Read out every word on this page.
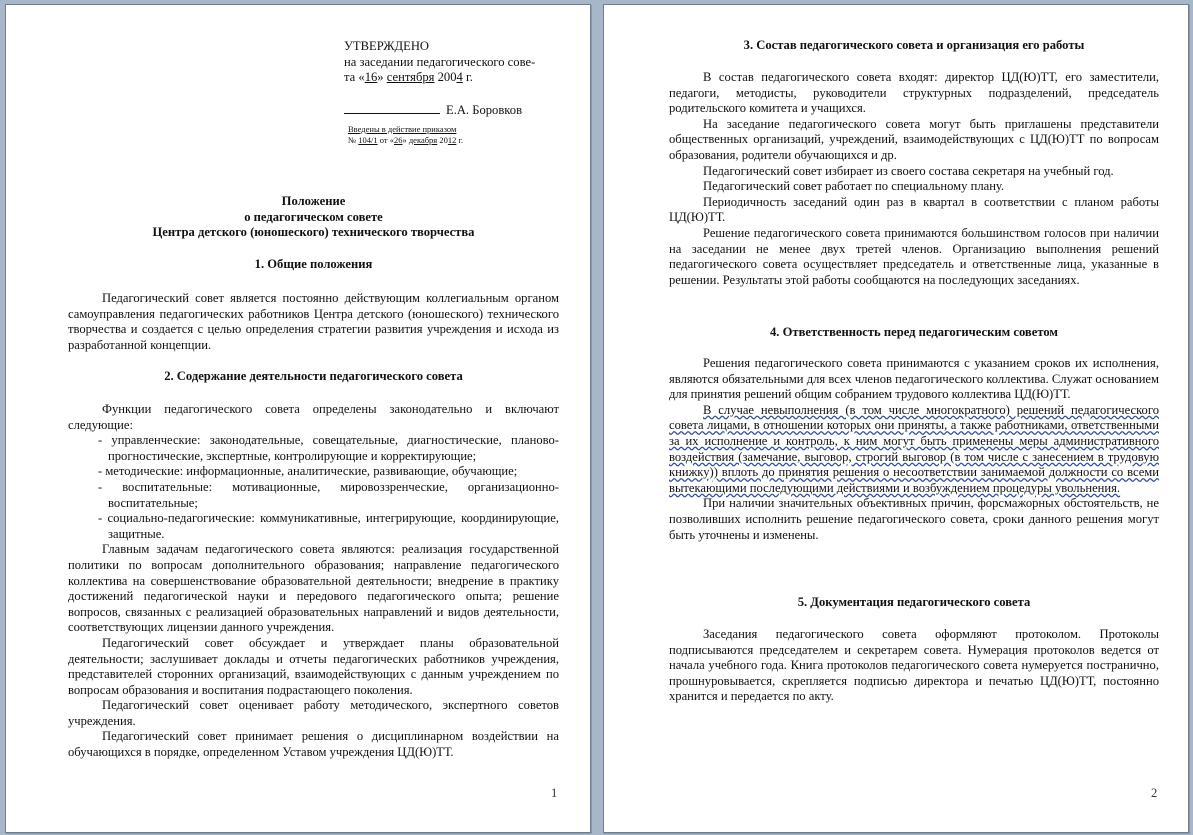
УТВЕРЖДЕНО
на заседании педагогического сове-
та «16» сентября 2004 г.
Е.А. Боровков
Введены в действие приказом
№ 104/1 от «26» декабря 2012 г.
Положение
о педагогическом совете
Центра детского (юношеского) технического творчества
1. Общие положения
Педагогический совет является постоянно действующим коллегиальным органом самоуправления педагогических работников Центра детского (юношеского) технического творчества и создается с целью определения стратегии развития учреждения и исхода из разработанной концепции.
2. Содержание деятельности педагогического совета
Функции педагогического совета определены законодательно и включают следующие:
- управленческие: законодательные, совещательные, диагностические, планово-прогностические, экспертные, контролирующие и корректирующие;
- методические: информационные, аналитические, развивающие, обучающие;
- воспитательные: мотивационные, мировоззренческие, организационно-воспитательные;
- социально-педагогические: коммуникативные, интегрирующие, координирующие, защитные.
Главным задачам педагогического совета являются: реализация государственной политики по вопросам дополнительного образования; направление педагогического коллектива на совершенствование образовательной деятельности; внедрение в практику достижений педагогической науки и передового педагогического опыта; решение вопросов, связанных с реализацией образовательных направлений и видов деятельности, соответствующих лицензии данного учреждения.
Педагогический совет обсуждает и утверждает планы образовательной деятельности; заслушивает доклады и отчеты педагогических работников учреждения, представителей сторонних организаций, взаимодействующих с данным учреждением по вопросам образования и воспитания подрастающего поколения.
Педагогический совет оценивает работу методического, экспертного советов учреждения.
Педагогический совет принимает решения о дисциплинарном воздействии на обучающихся в порядке, определенном Уставом учреждения ЦД(Ю)ТТ.
1
3. Состав педагогического совета и организация его работы
В состав педагогического совета входят: директор ЦД(Ю)ТТ, его заместители, педагоги, методисты, руководители структурных подразделений, председатель родительского комитета и учащихся.
На заседание педагогического совета могут быть приглашены представители общественных организаций, учреждений, взаимодействующих с ЦД(Ю)ТТ по вопросам образования, родители обучающихся и др.
Педагогический совет избирает из своего состава секретаря на учебный год.
Педагогический совет работает по специальному плану.
Периодичность заседаний один раз в квартал в соответствии с планом работы ЦД(Ю)ТТ.
Решение педагогического совета принимаются большинством голосов при наличии на заседании не менее двух третей членов. Организацию выполнения решений педагогического совета осуществляет председатель и ответственные лица, указанные в решении. Результаты этой работы сообщаются на последующих заседаниях.
4. Ответственность перед педагогическим советом
Решения педагогического совета принимаются с указанием сроков их исполнения, являются обязательными для всех членов педагогического коллектива. Служат основанием для принятия решений общим собранием трудового коллектива ЦД(Ю)ТТ.
В случае невыполнения (в том числе многократного) решений педагогического совета лицами, в отношении которых они приняты, а также работниками, ответственными за их исполнение и контроль, к ним могут быть применены меры административного воздействия (замечание, выговор, строгий выговор (в том числе с занесением в трудовую книжку)) вплоть до принятия решения о несоответствии занимаемой должности со всеми вытекающими последующими действиями и возбуждением процедуры увольнения.
При наличии значительных объективных причин, форсмажорных обстоятельств, не позволивших исполнить решение педагогического совета, сроки данного решения могут быть уточнены и изменены.
5. Документация педагогического совета
Заседания педагогического совета оформляют протоколом. Протоколы подписываются председателем и секретарем совета. Нумерация протоколов ведется от начала учебного года. Книга протоколов педагогического совета нумеруется постранично, прошнуровывается, скрепляется подписью директора и печатью ЦД(Ю)ТТ, постоянно хранится и передается по акту.
2
